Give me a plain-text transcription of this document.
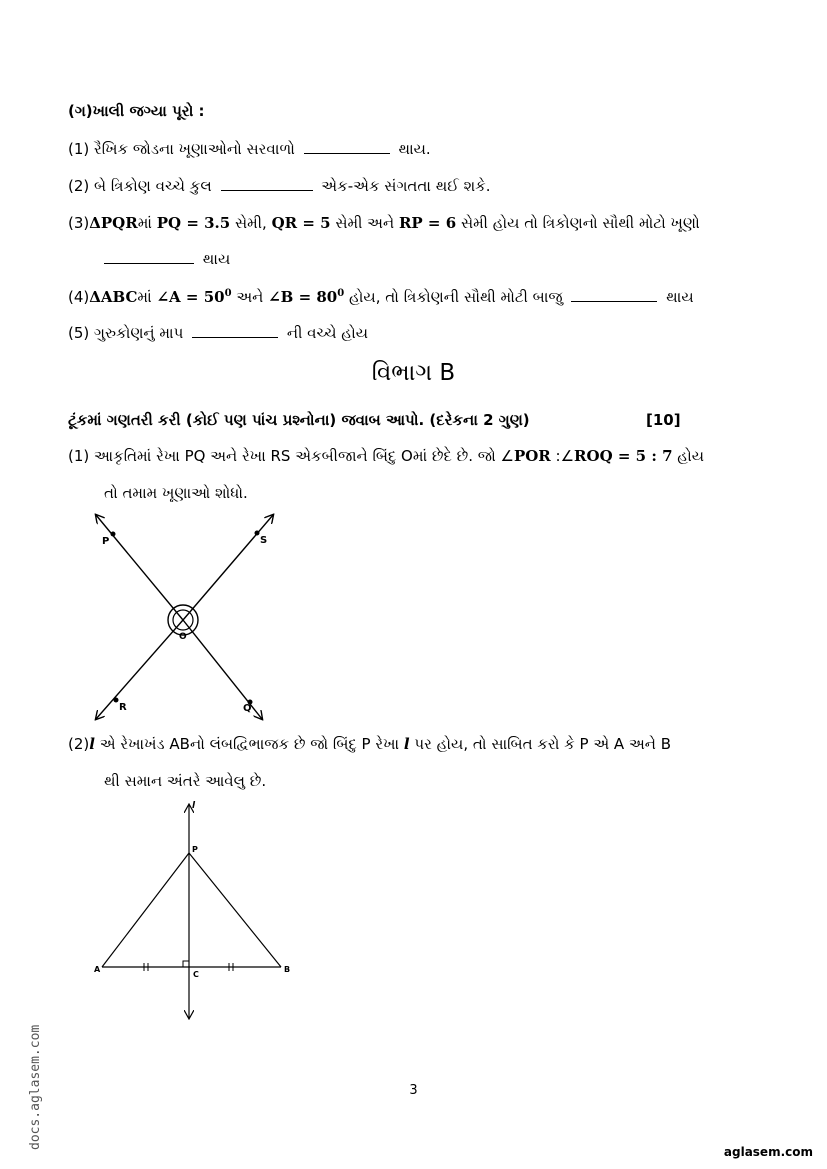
(ગ)ખાલી જગ્યા પૂરો :
(1) રૈખિક જોડના ખૂણાઓનો સરવાળો	થાય.
(2) બે ત્રિકોણ વચ્ચે કુલ	એક-એક સંગતતા થઈ શકે.
(3)ΔPQRમાં PQ = 3.5 સેમી, QR = 5 સેમી અને RP = 6 સેમી હોય તો ત્રિકોણનો સૌથી મોટો ખૂણો
થાય
(4)ΔABCમાં ∠A = $50^0$ અને ∠B = $80^0$ હોય, તો ત્રિકોણની સૌથી મોટી બાજુ	થાય
(5) ગુરુકોણનું માપ	ની વચ્ચે હોય
વિભાગ B
ટૂંકમાં ગણતરી કરી (કોઈ પણ પાંચ પ્રશ્નોના) જવાબ આપો. (દરેકના 2 ગુણ)	[10]
(1) આકૃતિમાં રેખા PQ અને રેખા RS એકબીજાને બિંદુ Oમાં છેદે છે. જો ∠POR :∠ROQ = 5 : 7 હોય
તો તમામ ખૂણાઓ શોધો.
P	S
O
R	Q
(2)l એ રેખાખંડ ABનો લંબદ્વિભાજક છે જો બિંદુ P રેખા l પર હોય, તો સાબિત કરો કે P એ A અને B
થી સમાન અંતરે આવેલુ છે.
l
P
A
C
B
3
aglasem.com
docs.aglasem.com
